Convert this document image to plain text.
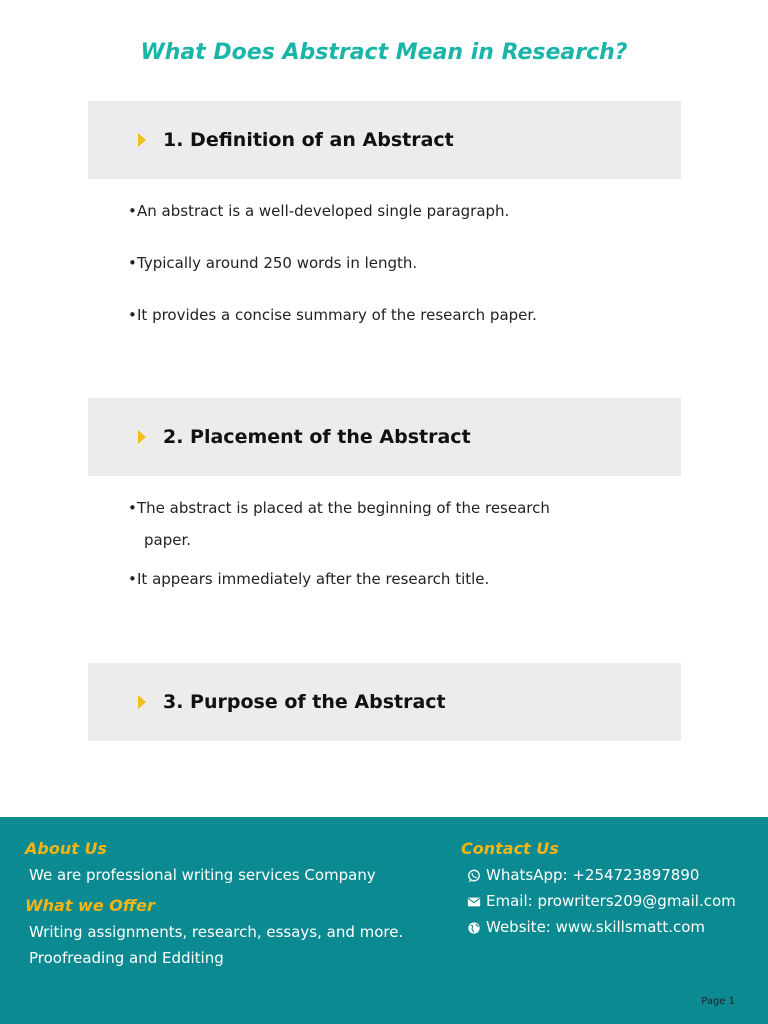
What Does Abstract Mean in Research?
1. Definition of an Abstract
•An abstract is a well-developed single paragraph.
•Typically around 250 words in length.
•It provides a concise summary of the research paper.
2. Placement of the Abstract
•The abstract is placed at the beginning of the research
paper.
•It appears immediately after the research title.
3. Purpose of the Abstract
About Us
We are professional writing services Company
What we Offer
Writing assignments, research, essays, and more.
Proofreading and Edditing
Contact Us
WhatsApp: +254723897890
Email: prowriters209@gmail.com
Website: www.skillsmatt.com
Page 1
